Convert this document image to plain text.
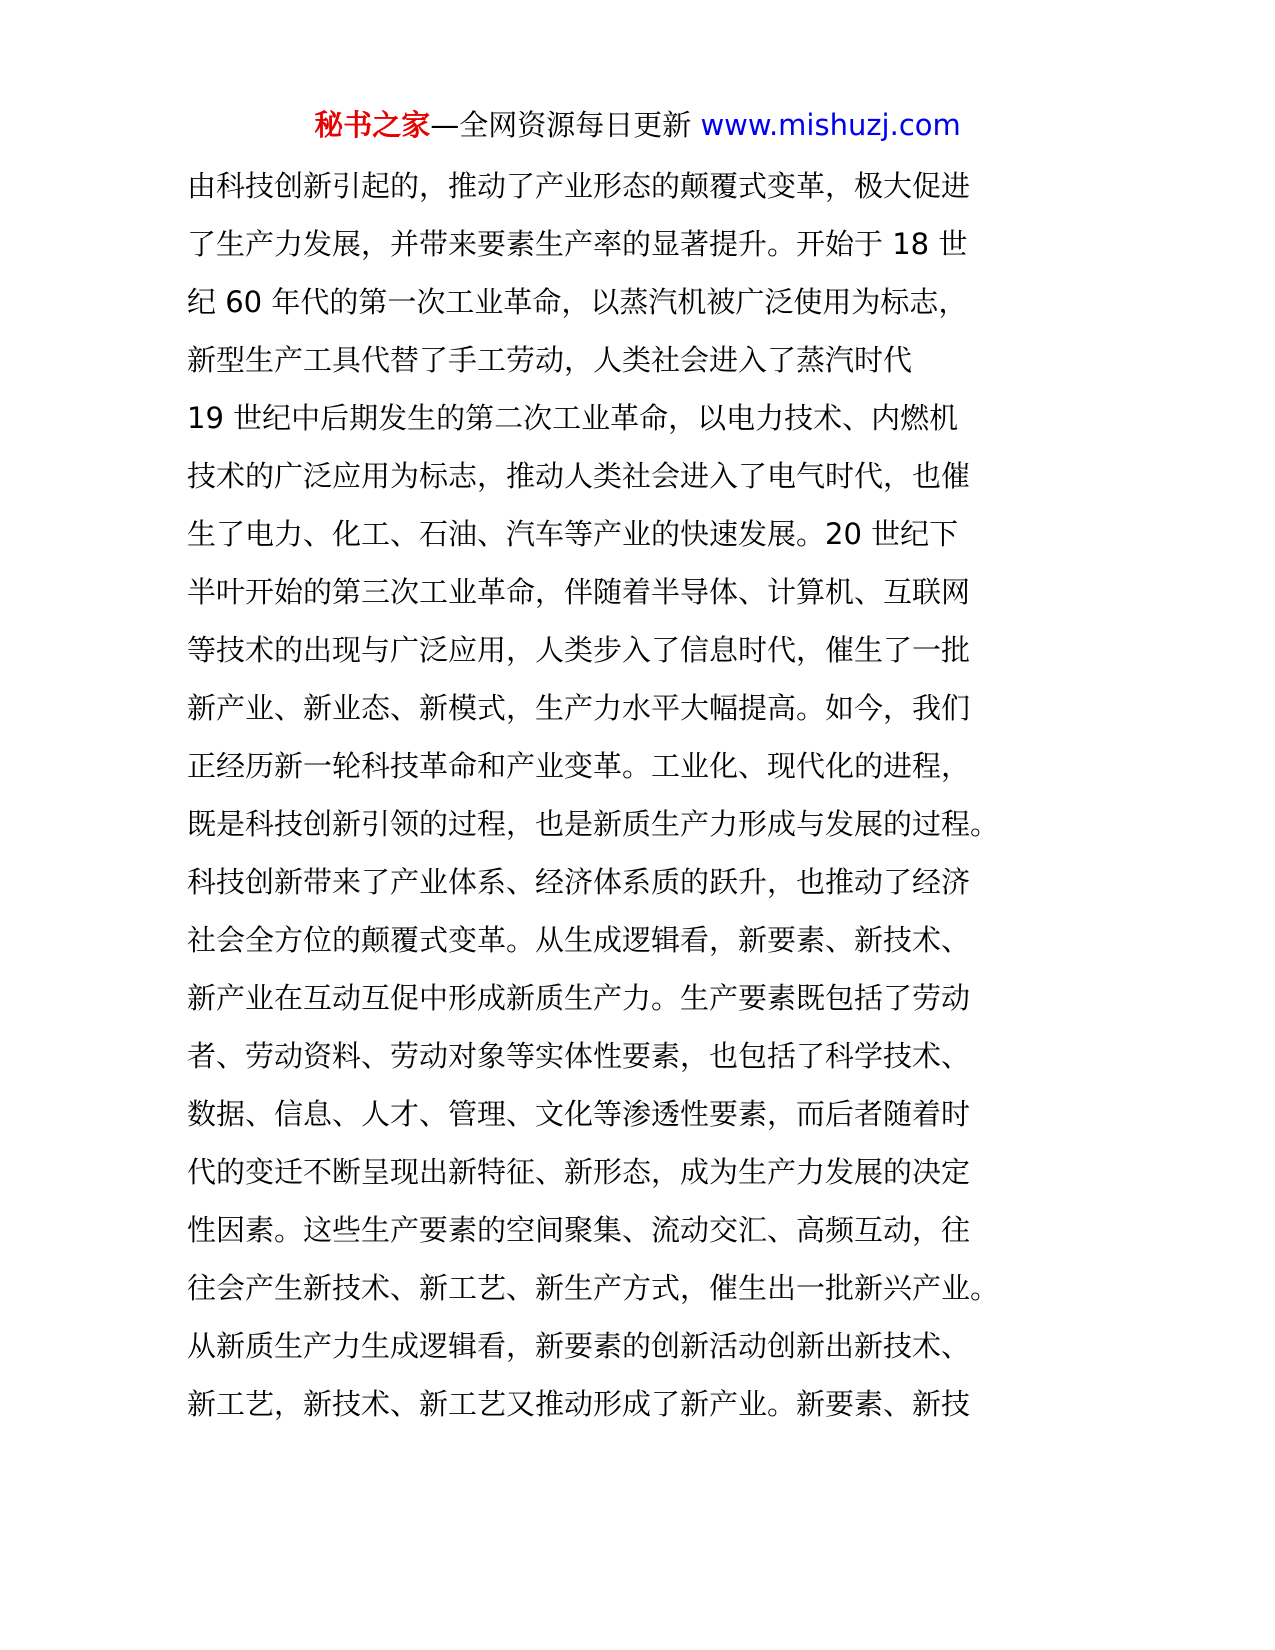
秘书之家—全网资源每日更新 www.mishuzj.com
由科技创新引起的，推动了产业形态的颠覆式变革，极大促进
了生产力发展，并带来要素生产率的显著提升。开始于 18 世
纪 60 年代的第一次工业革命，以蒸汽机被广泛使用为标志，
新型生产工具代替了手工劳动，人类社会进入了蒸汽时代
19 世纪中后期发生的第二次工业革命，以电力技术、内燃机
技术的广泛应用为标志，推动人类社会进入了电气时代，也催
生了电力、化工、石油、汽车等产业的快速发展。20 世纪下
半叶开始的第三次工业革命，伴随着半导体、计算机、互联网
等技术的出现与广泛应用，人类步入了信息时代，催生了一批
新产业、新业态、新模式，生产力水平大幅提高。如今，我们
正经历新一轮科技革命和产业变革。工业化、现代化的进程，
既是科技创新引领的过程，也是新质生产力形成与发展的过程。
科技创新带来了产业体系、经济体系质的跃升，也推动了经济
社会全方位的颠覆式变革。从生成逻辑看，新要素、新技术、
新产业在互动互促中形成新质生产力。生产要素既包括了劳动
者、劳动资料、劳动对象等实体性要素，也包括了科学技术、
数据、信息、人才、管理、文化等渗透性要素，而后者随着时
代的变迁不断呈现出新特征、新形态，成为生产力发展的决定
性因素。这些生产要素的空间聚集、流动交汇、高频互动，往
往会产生新技术、新工艺、新生产方式，催生出一批新兴产业。
从新质生产力生成逻辑看，新要素的创新活动创新出新技术、
新工艺，新技术、新工艺又推动形成了新产业。新要素、新技
